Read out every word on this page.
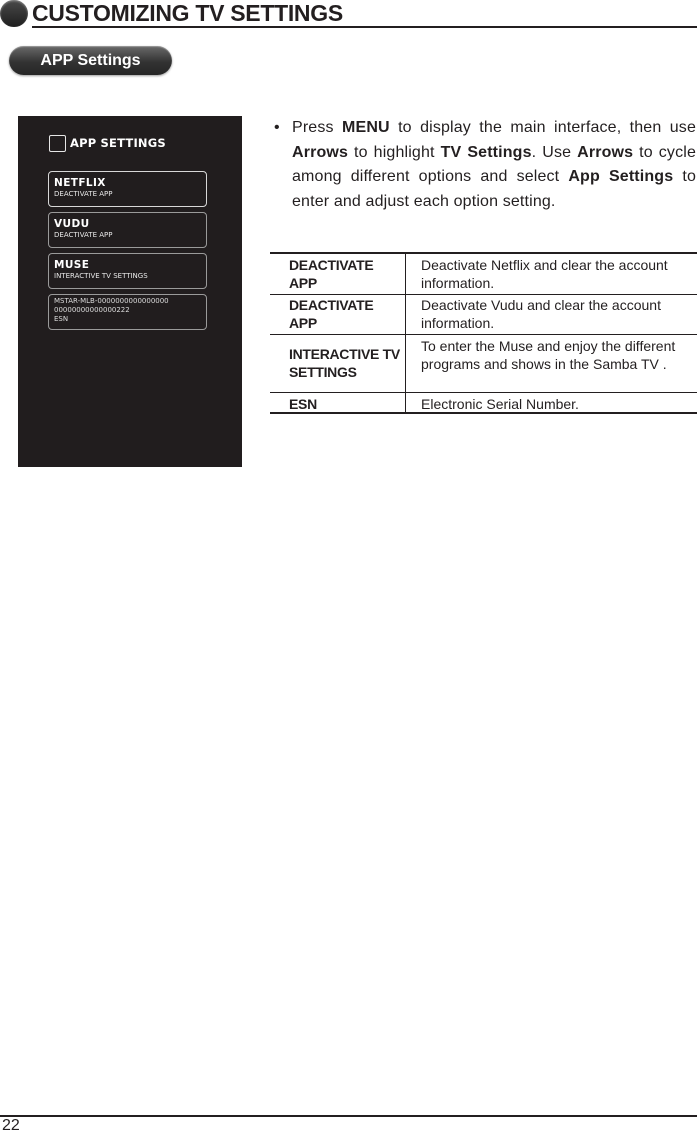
CUSTOMIZING TV SETTINGS
APP Settings
APP SETTINGS
NETFLIX
DEACTIVATE APP
VUDU
DEACTIVATE APP
MUSE
INTERACTIVE TV SETTINGS
MSTAR-MLB-0000000000000000
00000000000000222
ESN
• Press MENU to display the main interface, then use Arrows to highlight TV Settings. Use Arrows to cycle among different options and select App Settings to enter and adjust each option setting.

DEACTIVATE APP
Deactivate Netflix and clear the account information.
DEACTIVATE APP
Deactivate Vudu and clear the account information.
INTERACTIVE TV SETTINGS
To enter the Muse and enjoy the different programs and shows in the Samba TV .
ESN	Electronic Serial Number.
22
